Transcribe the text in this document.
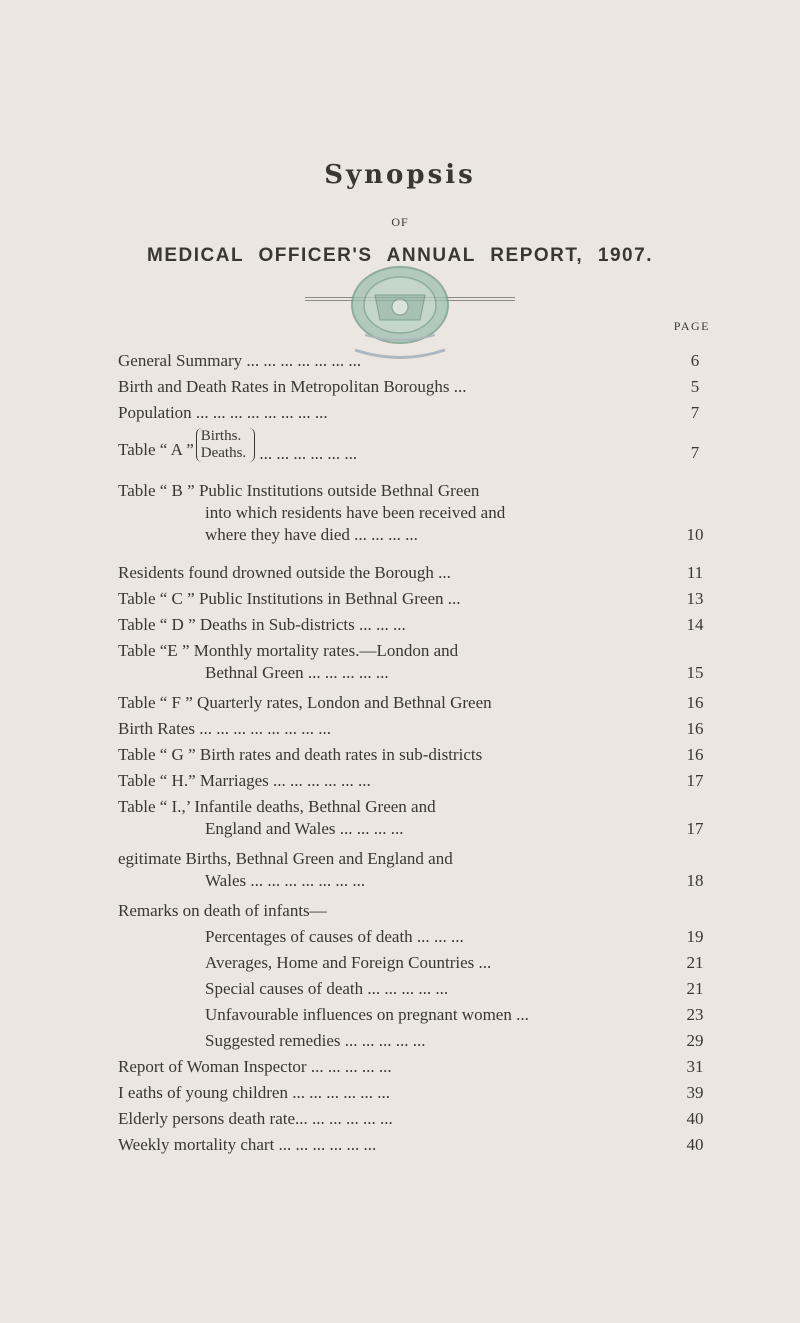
Synopsis
OF
MEDICAL OFFICER'S ANNUAL REPORT, 1907.
PAGE
General Summary ... ... ... ... ... ... ...	6
Birth and Death Rates in Metropolitan Boroughs ...	5
Population ... ... ... ... ... ... ... ...	7
Table “ A ”
Births.
Deaths. ... ... ... ... ... ...	7
Table “ B ” Public Institutions outside Bethnal Green
into which residents have been received and
where they have died ... ... ... ...	10
Residents found drowned outside the Borough ...	11
Table “ C ” Public Institutions in Bethnal Green ...	13
Table “ D ” Deaths in Sub-districts ... ... ...	14
Table “E ” Monthly mortality rates.—London and
Bethnal Green ... ... ... ... ...	15
Table “ F ” Quarterly rates, London and Bethnal Green	16
Birth Rates ... ... ... ... ... ... ... ...	16
Table “ G ” Birth rates and death rates in sub-districts	16
Table “ H.” Marriages ... ... ... ... ... ...	17
Table “ I.,’ Infantile deaths, Bethnal Green and
England and Wales ... ... ... ...	17
egitimate Births, Bethnal Green and England and
Wales ... ... ... ... ... ... ...	18
Remarks on death of infants—
Percentages of causes of death ... ... ...	19
Averages, Home and Foreign Countries ...	21
Special causes of death ... ... ... ... ...	21
Unfavourable influences on pregnant women ...	23
Suggested remedies ... ... ... ... ...	29
Report of Woman Inspector ... ... ... ... ...	31
I eaths of young children ... ... ... ... ... ...	39
Elderly persons death rate... ... ... ... ... ...	40
Weekly mortality chart ... ... ... ... ... ...	40
